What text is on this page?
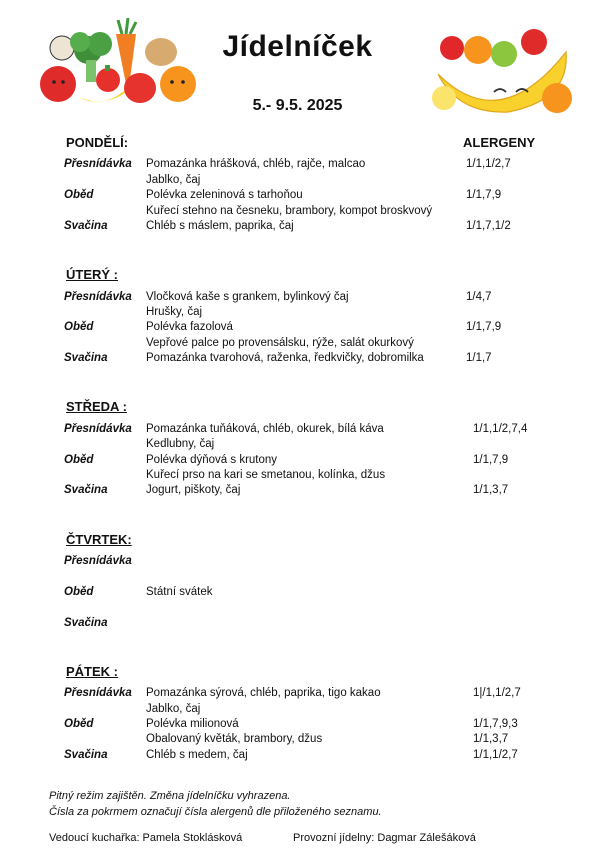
Jídelníček
5.- 9.5. 2025
ALERGENY
PONDĚLÍ:
Přesnídávka Pomazánka hrášková, chléb, rajče, malcao	1/1,1/2,7
Jablko, čaj
Oběd	Polévka zeleninová s tarhoňou	1/1,7,9
Kuřecí stehno na česneku, brambory, kompot broskvový
Svačina	Chléb s máslem, paprika, čaj	1/1,7,1/2
ÚTERÝ :
Přesnídávka Vločková kaše s grankem, bylinkový čaj	1/4,7
Hrušky, čaj
Oběd	Polévka fazolová	1/1,7,9
Vepřové palce po provensálsku, rýže, salát okurkový
Svačina	Pomazánka tvarohová, raženka, ředkvičky, dobromilka	1/1,7
STŘEDA :
Přesnídávka Pomazánka tuňáková, chléb, okurek, bílá káva	1/1,1/2,7,4
Kedlubny, čaj
Oběd	Polévka dýňová s krutony	1/1,7,9
Kuřecí prso na kari se smetanou, kolínka, džus
Svačina	Jogurt, piškoty, čaj	1/1,3,7
ČTVRTEK:
Přesnídávka
Oběd	Státní svátek
Svačina
PÁTEK :
Přesnídávka Pomazánka sýrová, chléb, paprika, tigo kakao	1|/1,1/2,7
Jablko, čaj
Oběd	Polévka milionová	1/1,7,9,3
Obalovaný květák, brambory, džus	1/1,3,7
Svačina	Chléb s medem, čaj	1/1,1/2,7
Pitný režim zajištěn. Změna jídelníčku vyhrazena.
Čísla za pokrmem označují čísla alergenů dle přiloženého seznamu.
Vedoucí kuchařka: Pamela Stoklásková	Provozní jídelny: Dagmar Zálešáková
